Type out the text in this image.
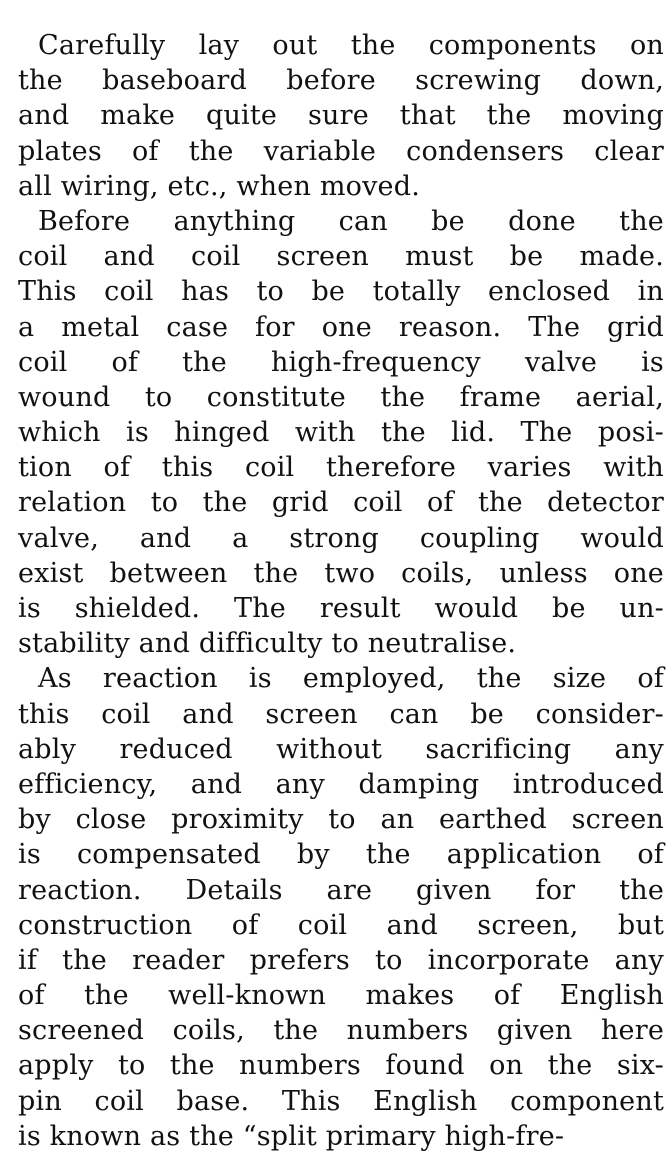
Carefully lay out the components on
the baseboard before screwing down,
and make quite sure that the moving
plates of the variable condensers clear
all wiring, etc., when moved.

Before anything can be done the
coil and coil screen must be made.
This coil has to be totally enclosed in
a metal case for one reason. The grid
coil of the high-frequency valve is
wound to constitute the frame aerial,
which is hinged with the lid. The posi-
tion of this coil therefore varies with
relation to the grid coil of the detector
valve, and a strong coupling would
exist between the two coils, unless one
is shielded. The result would be un-
stability and difficulty to neutralise.

As reaction is employed, the size of
this coil and screen can be consider-
ably reduced without sacrificing any
efficiency, and any damping introduced
by close proximity to an earthed screen
is compensated by the application of
reaction. Details are given for the
construction of coil and screen, but
if the reader prefers to incorporate any
of the well-known makes of English
screened coils, the numbers given here
apply to the numbers found on the six-
pin coil base. This English component
is known as the “split primary high-fre-
